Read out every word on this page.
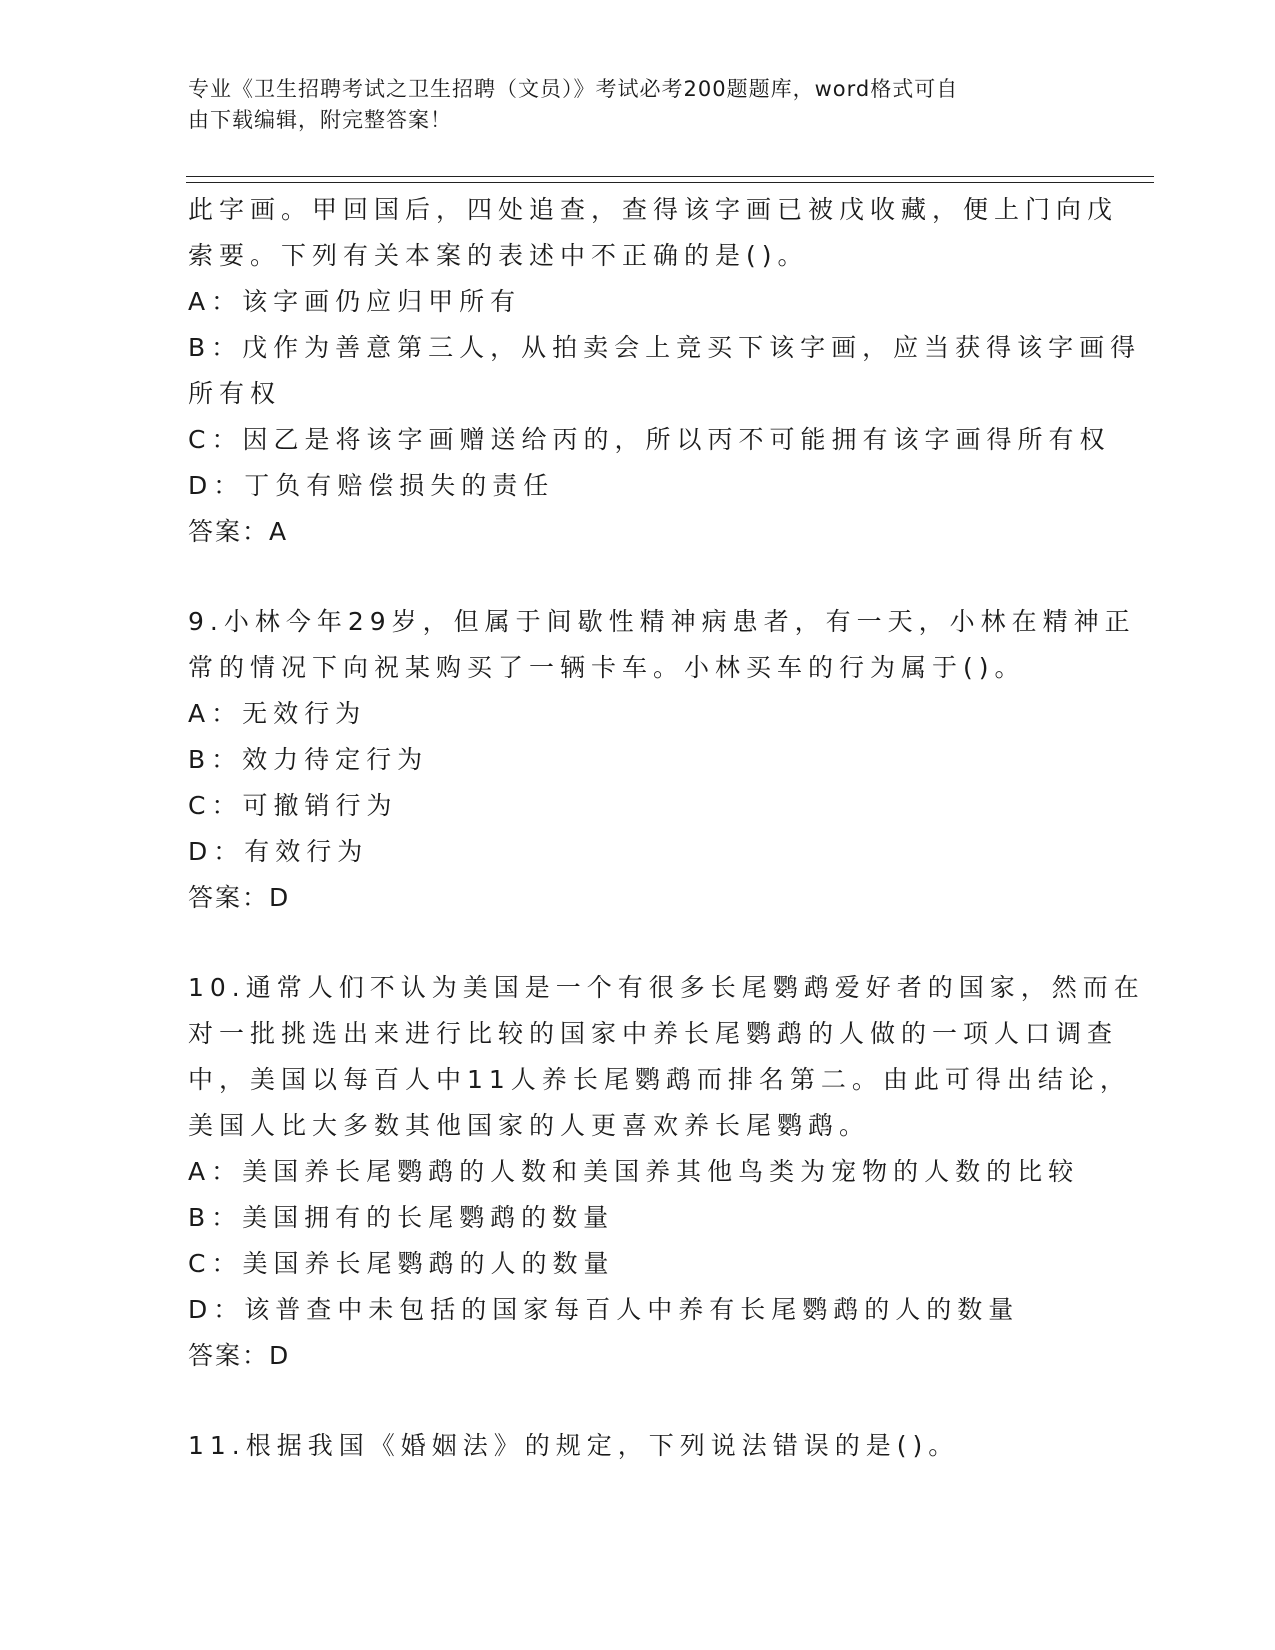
专业《卫生招聘考试之卫生招聘（文员）》考试必考200题题库，word格式可自
由下载编辑，附完整答案！
此字画。甲回国后，四处追查，查得该字画已被戊收藏，便上门向戊
索要。下列有关本案的表述中不正确的是()。
A：该字画仍应归甲所有
B：戊作为善意第三人，从拍卖会上竞买下该字画，应当获得该字画得
所有权
C：因乙是将该字画赠送给丙的，所以丙不可能拥有该字画得所有权
D：丁负有赔偿损失的责任
答案：A
9.小林今年29岁，但属于间歇性精神病患者，有一天，小林在精神正
常的情况下向祝某购买了一辆卡车。小林买车的行为属于()。
A：无效行为
B：效力待定行为
C：可撤销行为
D：有效行为
答案：D
10.通常人们不认为美国是一个有很多长尾鹦鹉爱好者的国家，然而在
对一批挑选出来进行比较的国家中养长尾鹦鹉的人做的一项人口调查
中，美国以每百人中11人养长尾鹦鹉而排名第二。由此可得出结论，
美国人比大多数其他国家的人更喜欢养长尾鹦鹉。
A：美国养长尾鹦鹉的人数和美国养其他鸟类为宠物的人数的比较
B：美国拥有的长尾鹦鹉的数量
C：美国养长尾鹦鹉的人的数量
D：该普查中未包括的国家每百人中养有长尾鹦鹉的人的数量
答案：D
11.根据我国《婚姻法》的规定，下列说法错误的是()。
